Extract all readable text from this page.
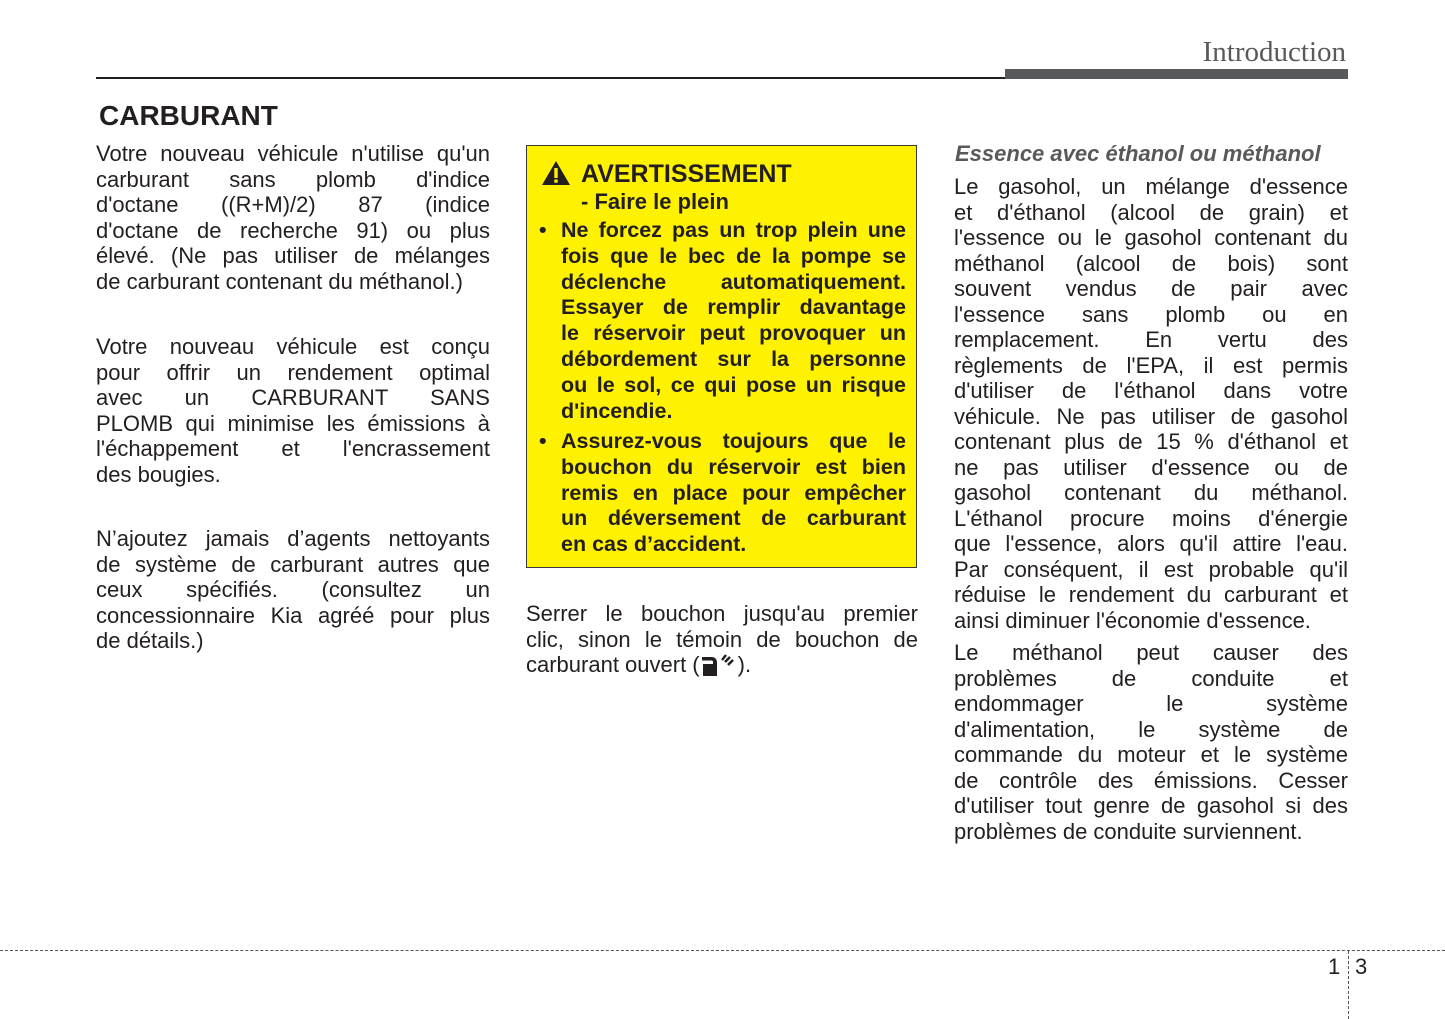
Introduction
CARBURANT
Votre nouveau véhicule n'utilise qu'un
carburant sans plomb d'indice
d'octane ((R+M)/2) 87 (indice
d'octane de recherche 91) ou plus
élevé. (Ne pas utiliser de mélanges
de carburant contenant du méthanol.)
Votre nouveau véhicule est conçu
pour offrir un rendement optimal
avec un CARBURANT SANS
PLOMB qui minimise les émissions à
l'échappement et l'encrassement
des bougies.
N’ajoutez jamais d’agents nettoyants
de système de carburant autres que
ceux spécifiés. (consultez un
concessionnaire Kia agréé pour plus
de détails.)
AVERTISSEMENT
- Faire le plein
• Ne forcez pas un trop plein une
fois que le bec de la pompe se
déclenche automatiquement.
Essayer de remplir davantage
le réservoir peut provoquer un
débordement sur la personne
ou le sol, ce qui pose un risque
d'incendie.
• Assurez-vous toujours que le
bouchon du réservoir est bien
remis en place pour empêcher
un déversement de carburant
en cas d’accident.
Serrer le bouchon jusqu'au premier
clic, sinon le témoin de bouchon de
carburant ouvert ( ).
Essence avec éthanol ou méthanol
Le gasohol, un mélange d'essence
et d'éthanol (alcool de grain) et
l'essence ou le gasohol contenant du
méthanol (alcool de bois) sont
souvent vendus de pair avec
l'essence sans plomb ou en
remplacement. En vertu des
règlements de l'EPA, il est permis
d'utiliser de l'éthanol dans votre
véhicule. Ne pas utiliser de gasohol
contenant plus de 15 % d'éthanol et
ne pas utiliser d'essence ou de
gasohol contenant du méthanol.
L'éthanol procure moins d'énergie
que l'essence, alors qu'il attire l'eau.
Par conséquent, il est probable qu'il
réduise le rendement du carburant et
ainsi diminuer l'économie d'essence.
Le méthanol peut causer des
problèmes de conduite et
endommager le système
d'alimentation, le système de
commande du moteur et le système
de contrôle des émissions. Cesser
d'utiliser tout genre de gasohol si des
problèmes de conduite surviennent.
1 3
